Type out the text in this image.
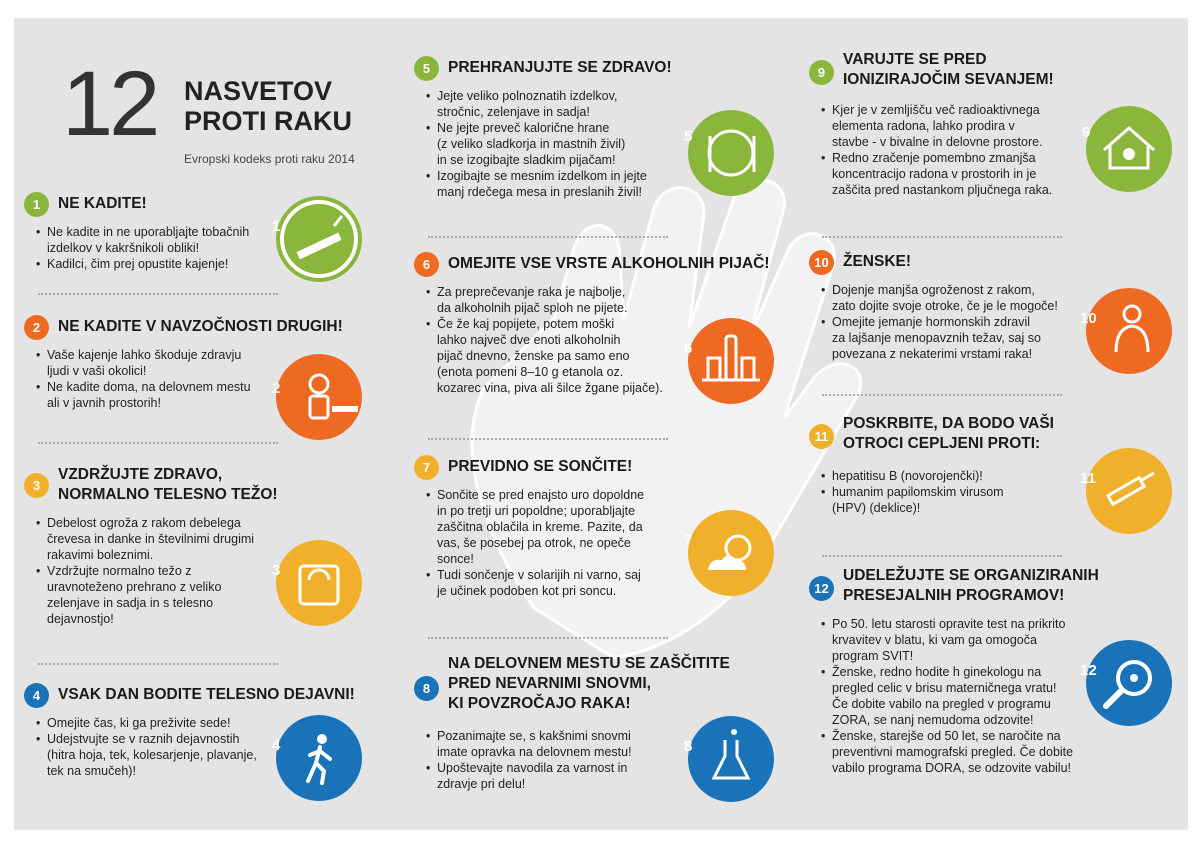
12 NASVETOV
PROTI RAKU
Evropski kodeks proti raku 2014
1	NE KADITE!
• Ne kadite in ne uporabljajte tobačnih
izdelkov v kakršnikoli obliki!
• Kadilci, čim prej opustite kajenje!
1
2	NE KADITE V NAVZOČNOSTI DRUGIH!
• Vaše kajenje lahko škoduje zdravju
ljudi v vaši okolici!
• Ne kadite doma, na delovnem mestu
ali v javnih prostorih!
2
3
VZDRŽUJTE ZDRAVO,
NORMALNO TELESNO TEŽO!
• Debelost ogroža z rakom debelega
črevesa in danke in številnimi drugimi
rakavimi boleznimi.
• Vzdržujte normalno težo z
uravnoteženo prehrano z veliko
zelenjave in sadja in s telesno
dejavnostjo!
3
4	VSAK DAN BODITE TELESNO DEJAVNI!
• Omejite čas, ki ga preživite sede!
• Udejstvujte se v raznih dejavnostih
(hitra hoja, tek, kolesarjenje, plavanje,
tek na smučeh)!
4
5	PREHRANJUJTE SE ZDRAVO!
• Jejte veliko polnoznatih izdelkov,
stročnic, zelenjave in sadja!
• Ne jejte preveč kalorične hrane
(z veliko sladkorja in mastnih živil)
in se izogibajte sladkim pijačam!
• Izogibajte se mesnim izdelkom in jejte
manj rdečega mesa in preslanih živil!
5
6	OMEJITE VSE VRSTE ALKOHOLNIH PIJAČ!
• Za preprečevanje raka je najbolje,
da alkoholnih pijač sploh ne pijete.
• Če že kaj popijete, potem moški
lahko največ dve enoti alkoholnih
pijač dnevno, ženske pa samo eno
(enota pomeni 8–10 g etanola oz.
kozarec vina, piva ali šilce žgane pijače).
6
7	PREVIDNO SE SONČITE!
• Sončite se pred enajsto uro dopoldne
in po tretji uri popoldne; uporabljajte
zaščitna oblačila in kreme. Pazite, da
vas, še posebej pa otrok, ne opeče
sonce!
• Tudi sončenje v solarijih ni varno, saj
je učinek podoben kot pri soncu.
7
8
NA DELOVNEM MESTU SE ZAŠČITITE
PRED NEVARNIMI SNOVMI,
KI POVZROČAJO RAKA!
• Pozanimajte se, s kakšnimi snovmi
imate opravka na delovnem mestu!
• Upoštevajte navodila za varnost in
zdravje pri delu!
8
9
VARUJTE SE PRED
IONIZIRAJOČIM SEVANJEM!
• Kjer je v zemljišču več radioaktivnega
elementa radona, lahko prodira v
stavbe - v bivalne in delovne prostore.
• Redno zračenje pomembno zmanjša
koncentracijo radona v prostorih in je
zaščita pred nastankom pljučnega raka.
9
10 ŽENSKE!
• Dojenje manjša ogroženost z rakom,
zato dojite svoje otroke, če je le mogoče!
• Omejite jemanje hormonskih zdravil
za lajšanje menopavznih težav, saj so
povezana z nekaterimi vrstami raka!
10
11
POSKRBITE, DA BODO VAŠI
OTROCI CEPLJENI PROTI:
• hepatitisu B (novorojenčki)!
• humanim papilomskim virusom
(HPV) (deklice)!
11
12
UDELEŽUJTE SE ORGANIZIRANIH
PRESEJALNIH PROGRAMOV!
• Po 50. letu starosti opravite test na prikrito
krvavitev v blatu, ki vam ga omogoča
program SVIT!
• Ženske, redno hodite h ginekologu na
pregled celic v brisu materničnega vratu!
Če dobite vabilo na pregled v programu
ZORA, se nanj nemudoma odzovite!
• Ženske, starejše od 50 let, se naročite na
preventivni mamografski pregled. Če dobite
vabilo programa DORA, se odzovite vabilu!
12
